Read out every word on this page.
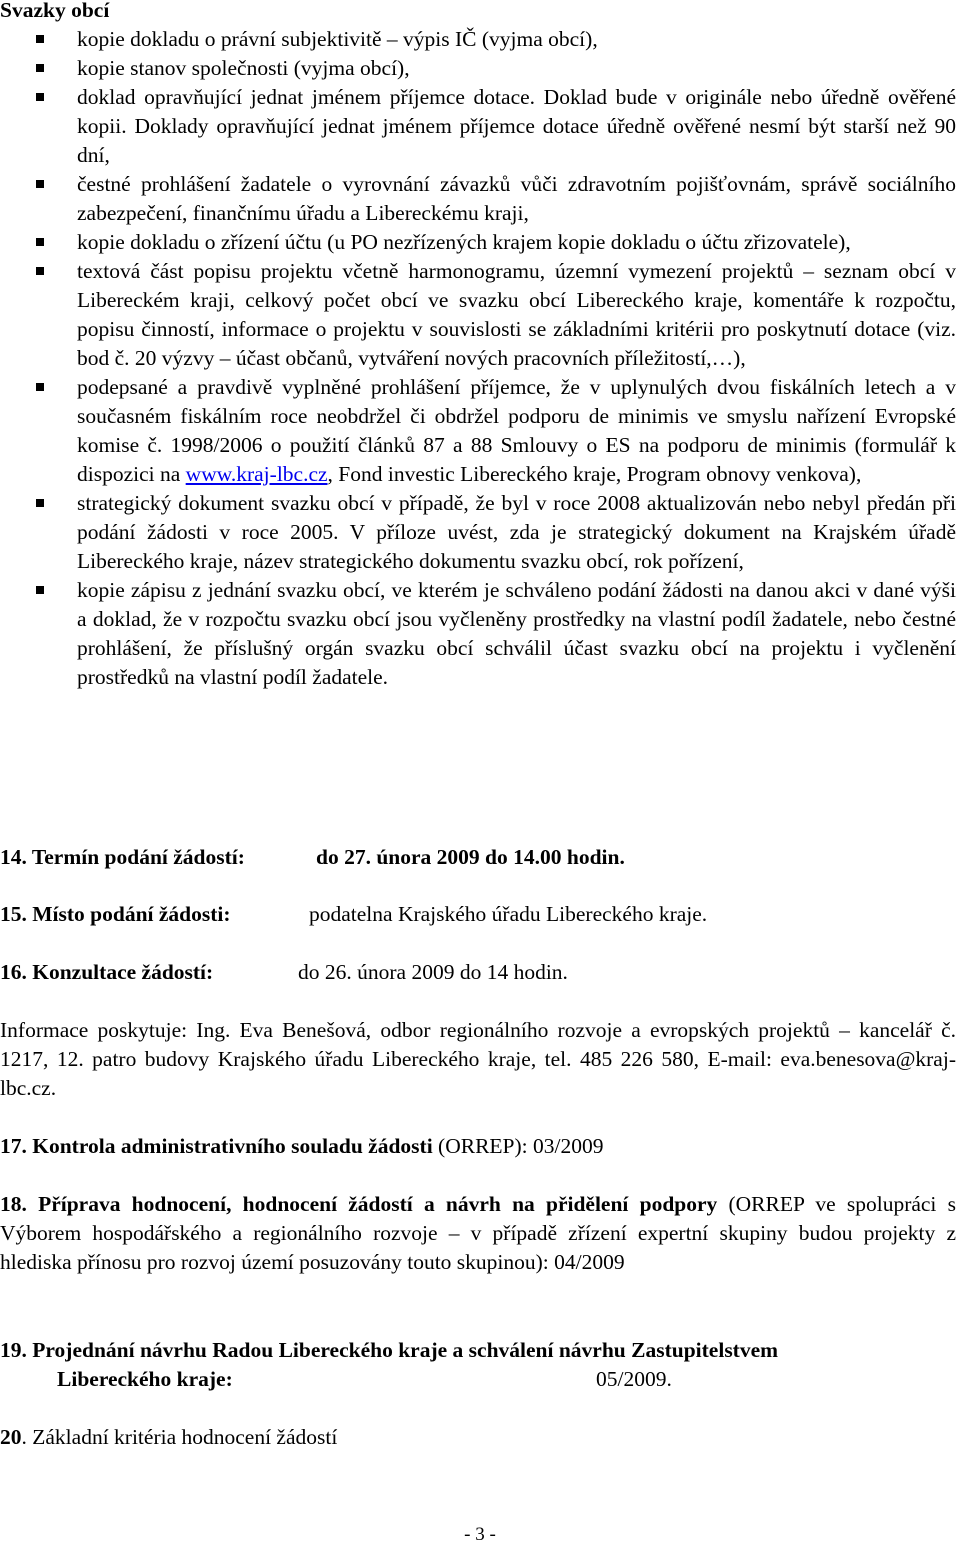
Svazky obcí

kopie dokladu o právní subjektivitě – výpis IČ (vyjma obcí),
kopie stanov společnosti (vyjma obcí),
doklad opravňující jednat jménem příjemce dotace. Doklad bude v originále nebo úředně ověřené kopii. Doklady opravňující jednat jménem příjemce dotace úředně ověřené nesmí být starší než 90 dní,
čestné prohlášení žadatele o vyrovnání závazků vůči zdravotním pojišťovnám, správě sociálního zabezpečení, finančnímu úřadu a Libereckému kraji,
kopie dokladu o zřízení účtu (u PO nezřízených krajem kopie dokladu o účtu zřizovatele),
textová část popisu projektu včetně harmonogramu, územní vymezení projektů – seznam obcí v Libereckém kraji, celkový počet obcí ve svazku obcí Libereckého kraje, komentáře k rozpočtu, popisu činností, informace o projektu v souvislosti se základními kritérii pro poskytnutí dotace (viz. bod č. 20 výzvy – účast občanů, vytváření nových pracovních příležitostí,…),
podepsané a pravdivě vyplněné prohlášení příjemce, že v uplynulých dvou fiskálních letech a v současném fiskálním roce neobdržel či obdržel podporu de minimis ve smyslu nařízení Evropské komise č. 1998/2006 o použití článků 87 a 88 Smlouvy o ES na podporu de minimis (formulář k dispozici na www.kraj-lbc.cz, Fond investic Libereckého kraje, Program obnovy venkova),
strategický dokument svazku obcí v případě, že byl v roce 2008 aktualizován nebo nebyl předán při podání žádosti v roce 2005. V příloze uvést, zda je strategický dokument na Krajském úřadě Libereckého kraje, název strategického dokumentu svazku obcí, rok pořízení,
kopie zápisu z jednání svazku obcí, ve kterém je schváleno podání žádosti na danou akci v dané výši a doklad, že v rozpočtu svazku obcí jsou vyčleněny prostředky na vlastní podíl žadatele, nebo čestné prohlášení, že příslušný orgán svazku obcí schválil účast svazku obcí na projektu i vyčlenění prostředků na vlastní podíl žadatele.
14. Termín podání žádostí:	do 27. února 2009 do 14.00 hodin.
15. Místo podání žádosti:	podatelna Krajského úřadu Libereckého kraje.
16. Konzultace žádostí:	do 26. února 2009 do 14 hodin.

Informace poskytuje: Ing. Eva Benešová, odbor regionálního rozvoje a evropských projektů – kancelář č. 1217, 12. patro budovy Krajského úřadu Libereckého kraje, tel. 485 226 580, E-mail: eva.benesova@kraj-lbc.cz.

17. Kontrola administrativního souladu žádosti (ORREP): 03/2009

18. Příprava hodnocení, hodnocení žádostí a návrh na přidělení podpory (ORREP ve spolupráci s Výborem hospodářského a regionálního rozvoje – v případě zřízení expertní skupiny budou projekty z hlediska přínosu pro rozvoj území posuzovány touto skupinou): 04/2009

19. Projednání návrhu Radou Libereckého kraje a schválení návrhu Zastupitelstvem
Libereckého kraje:	05/2009.

20. Základní kritéria hodnocení žádostí

- 3 -
